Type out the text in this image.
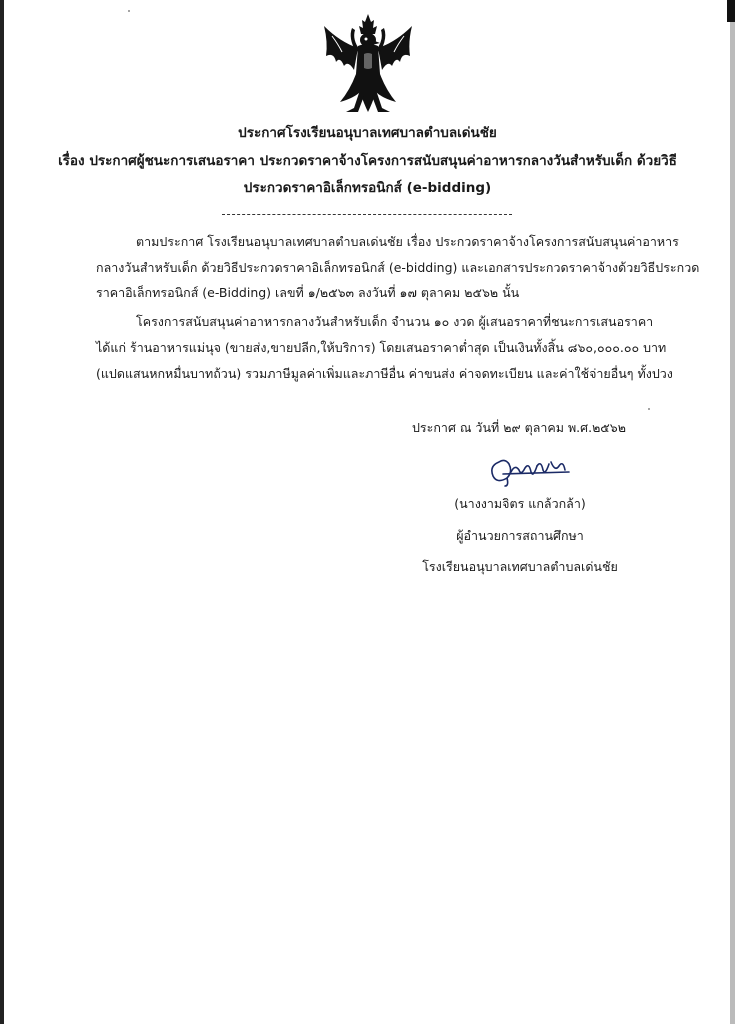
ประกาศโรงเรียนอนุบาลเทศบาลตำบลเด่นชัย
เรื่อง ประกาศผู้ชนะการเสนอราคา ประกวดราคาจ้างโครงการสนับสนุนค่าอาหารกลางวันสำหรับเด็ก ด้วยวิธี
ประกวดราคาอิเล็กทรอนิกส์ (e-bidding)
ตามประกาศ โรงเรียนอนุบาลเทศบาลตำบลเด่นชัย เรื่อง ประกวดราคาจ้างโครงการสนับสนุนค่าอาหาร
กลางวันสำหรับเด็ก ด้วยวิธีประกวดราคาอิเล็กทรอนิกส์ (e-bidding) และเอกสารประกวดราคาจ้างด้วยวิธีประกวด
ราคาอิเล็กทรอนิกส์ (e-Bidding) เลขที่ ๑/๒๕๖๓ ลงวันที่ ๑๗ ตุลาคม ๒๕๖๒ นั้น
โครงการสนับสนุนค่าอาหารกลางวันสำหรับเด็ก จำนวน ๑๐ งวด ผู้เสนอราคาที่ชนะการเสนอราคา
ได้แก่ ร้านอาหารแม่นุจ (ขายส่ง,ขายปลีก,ให้บริการ) โดยเสนอราคาต่ำสุด เป็นเงินทั้งสิ้น ๘๖๐,๐๐๐.๐๐ บาท
(แปดแสนหกหมื่นบาทถ้วน) รวมภาษีมูลค่าเพิ่มและภาษีอื่น ค่าขนส่ง ค่าจดทะเบียน และค่าใช้จ่ายอื่นๆ ทั้งปวง
ประกาศ ณ วันที่ ๒๙ ตุลาคม พ.ศ.๒๕๖๒
(นางงามจิตร แกล้วกล้า)
ผู้อำนวยการสถานศึกษา
โรงเรียนอนุบาลเทศบาลตำบลเด่นชัย
